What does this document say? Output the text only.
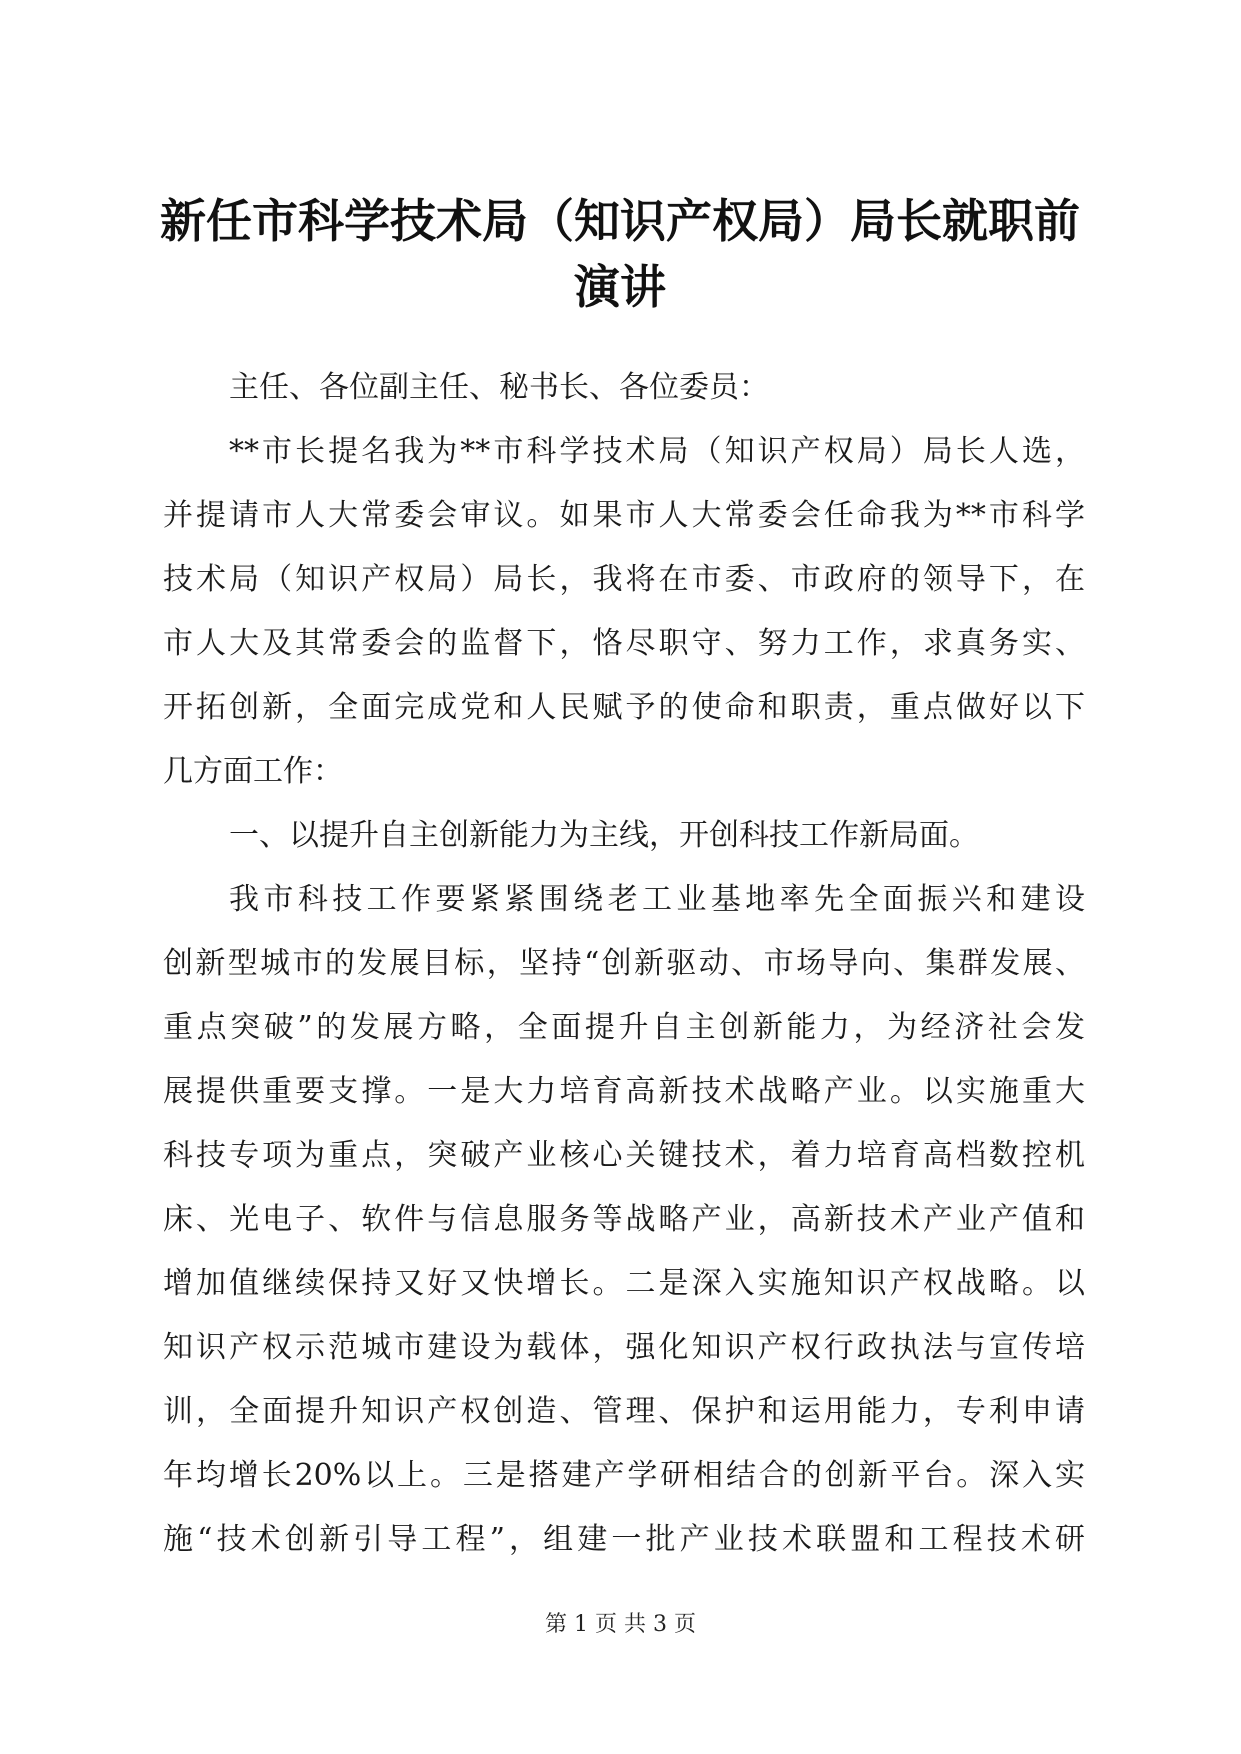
新任市科学技术局（知识产权局）局长就职前
演讲
主任、各位副主任、秘书长、各位委员：
**市长提名我为**市科学技术局（知识产权局）局长人选，
并提请市人大常委会审议。如果市人大常委会任命我为**市科学
技术局（知识产权局）局长，我将在市委、市政府的领导下，在
市人大及其常委会的监督下，恪尽职守、努力工作，求真务实、
开拓创新，全面完成党和人民赋予的使命和职责，重点做好以下
几方面工作：
一、以提升自主创新能力为主线，开创科技工作新局面。
我市科技工作要紧紧围绕老工业基地率先全面振兴和建设
创新型城市的发展目标，坚持“创新驱动、市场导向、集群发展、
重点突破”的发展方略，全面提升自主创新能力，为经济社会发
展提供重要支撑。一是大力培育高新技术战略产业。以实施重大
科技专项为重点，突破产业核心关键技术，着力培育高档数控机
床、光电子、软件与信息服务等战略产业，高新技术产业产值和
增加值继续保持又好又快增长。二是深入实施知识产权战略。以
知识产权示范城市建设为载体，强化知识产权行政执法与宣传培
训，全面提升知识产权创造、管理、保护和运用能力，专利申请
年均增长20%以上。三是搭建产学研相结合的创新平台。深入实
施“技术创新引导工程”，组建一批产业技术联盟和工程技术研
第 1 页 共 3 页
